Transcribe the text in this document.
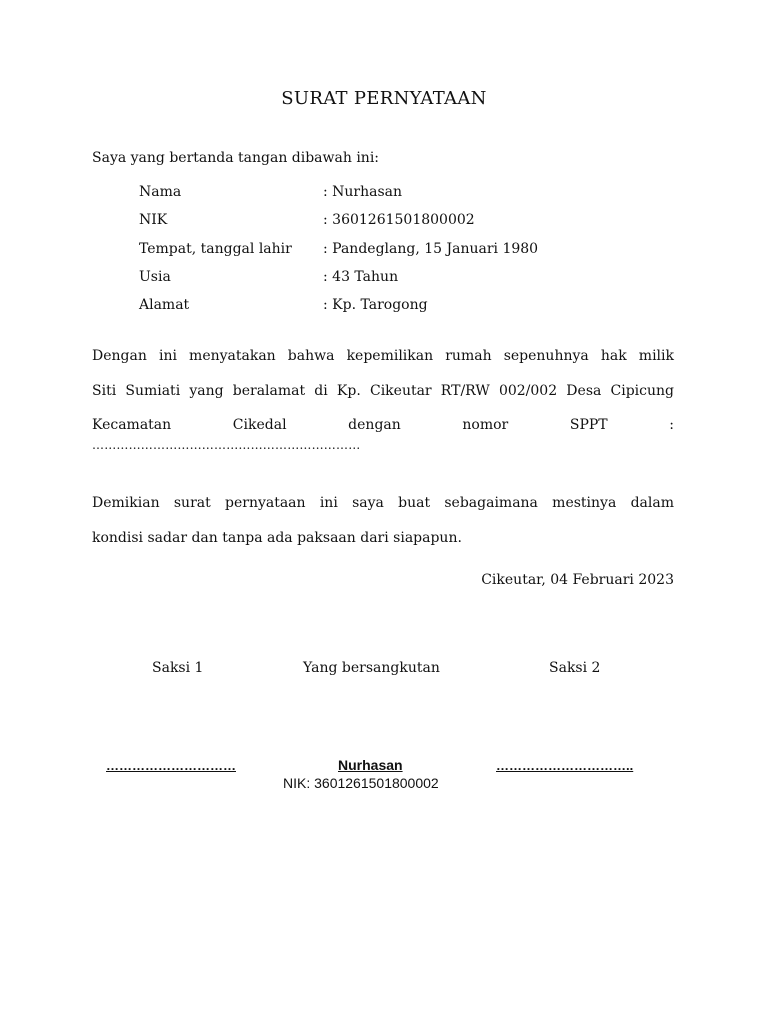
SURAT PERNYATAAN
Saya yang bertanda tangan dibawah ini:
Nama	: Nurhasan
NIK	: 3601261501800002
Tempat, tanggal lahir	: Pandeglang, 15 Januari 1980
Usia	: 43 Tahun
Alamat	: Kp. Tarogong
Dengan ini menyatakan bahwa kepemilikan rumah sepenuhnya hak milik
Siti Sumiati yang beralamat di Kp. Cikeutar RT/RW 002/002 Desa Cipicung
Kecamatan Cikedal dengan nomor SPPT :
…………………………………………………………
Demikian surat pernyataan ini saya buat sebagaimana mestinya dalam
kondisi sadar dan tanpa ada paksaan dari siapapun.
Cikeutar, 04 Februari 2023
Saksi 1	Yang bersangkutan	Saksi 2
…………………………	Nurhasan	…………………………..
NIK: 3601261501800002
